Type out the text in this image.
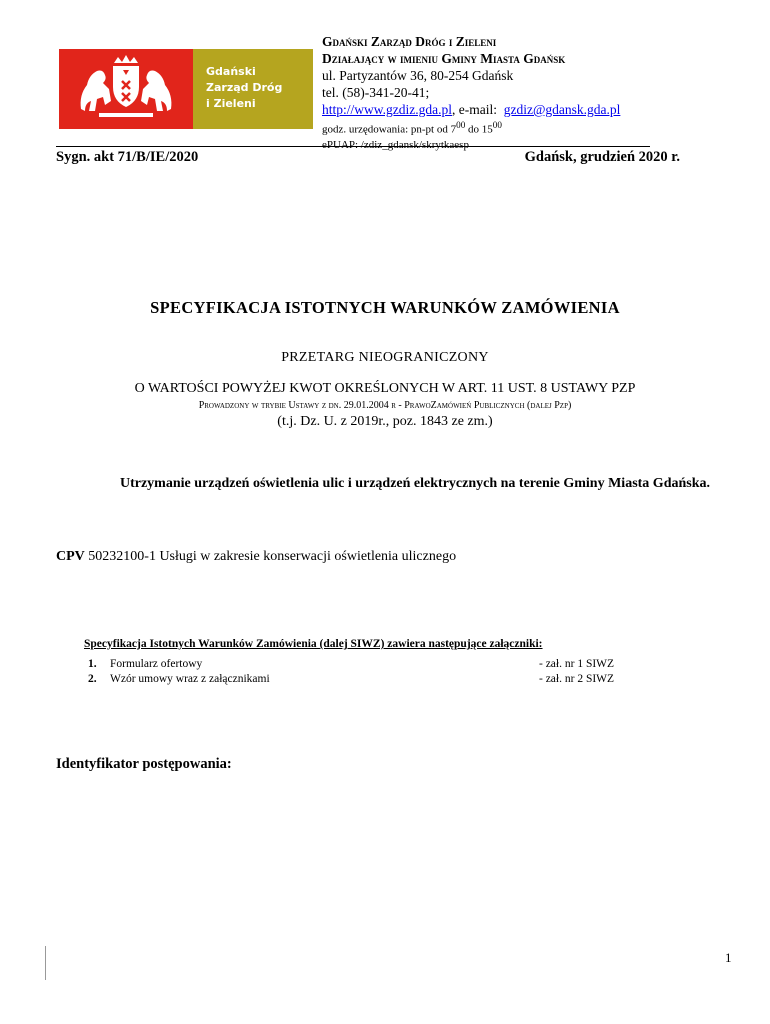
Gdański
Zarząd Dróg
i Zieleni
Gdański Zarząd Dróg i Zieleni
Działający w imieniu Gminy Miasta Gdańsk
ul. Partyzantów 36, 80-254 Gdańsk
tel. (58)-341-20-41;
http://www.gzdiz.gda.pl, e-mail: gzdiz@gdansk.gda.pl
godz. urzędowania: pn-pt od $7^{00}$ do $15^{00}$
ePUAP: /zdiz_gdansk/skrytkaesp
Sygn. akt 71/B/IE/2020	Gdańsk, grudzień 2020 r.
SPECYFIKACJA ISTOTNYCH WARUNKÓW ZAMÓWIENIA
PRZETARG NIEOGRANICZONY
O WARTOŚCI POWYŻEJ KWOT OKREŚLONYCH W ART. 11 UST. 8 USTAWY PZP
Prowadzony w trybie Ustawy z dn. 29.01.2004 r - PrawoZamówień Publicznych (dalej Pzp)
(t.j. Dz. U. z 2019r., poz. 1843 ze zm.)
Utrzymanie urządzeń oświetlenia ulic i urządzeń elektrycznych na terenie Gminy Miasta Gdańska.
CPV 50232100-1 Usługi w zakresie konserwacji oświetlenia ulicznego
Specyfikacja Istotnych Warunków Zamówienia (dalej SIWZ) zawiera następujące załączniki:
1. Formularz ofertowy	- zał. nr 1 SIWZ
2. Wzór umowy wraz z załącznikami	- zał. nr 2 SIWZ
Identyfikator postępowania:
1
